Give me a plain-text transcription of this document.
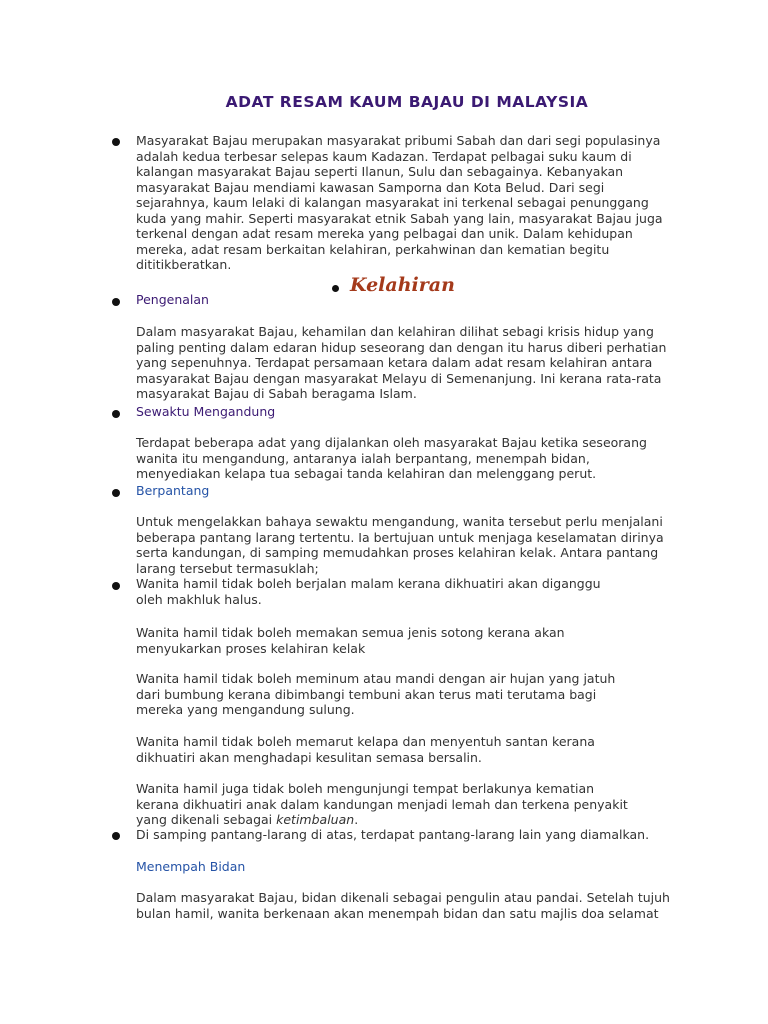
ADAT RESAM KAUM BAJAU DI MALAYSIA
Masyarakat Bajau merupakan masyarakat pribumi Sabah dan dari segi populasinya adalah kedua terbesar selepas kaum Kadazan. Terdapat pelbagai suku kaum di kalangan masyarakat Bajau seperti Ilanun, Sulu dan sebagainya. Kebanyakan masyarakat Bajau mendiami kawasan Samporna dan Kota Belud. Dari segi sejarahnya, kaum lelaki di kalangan masyarakat ini terkenal sebagai penunggang kuda yang mahir. Seperti masyarakat etnik Sabah yang lain, masyarakat Bajau juga terkenal dengan adat resam mereka yang pelbagai dan unik. Dalam kehidupan mereka, adat resam berkaitan kelahiran, perkahwinan dan kematian begitu dititikberatkan.
Kelahiran
Pengenalan
Dalam masyarakat Bajau, kehamilan dan kelahiran dilihat sebagi krisis hidup yang paling penting dalam edaran hidup seseorang dan dengan itu harus diberi perhatian yang sepenuhnya. Terdapat persamaan ketara dalam adat resam kelahiran antara masyarakat Bajau dengan masyarakat Melayu di Semenanjung. Ini kerana rata-rata masyarakat Bajau di Sabah beragama Islam.
Sewaktu Mengandung
Terdapat beberapa adat yang dijalankan oleh masyarakat Bajau ketika seseorang wanita itu mengandung, antaranya ialah berpantang, menempah bidan, menyediakan kelapa tua sebagai tanda kelahiran dan melenggang perut.
Berpantang
Untuk mengelakkan bahaya sewaktu mengandung, wanita tersebut perlu menjalani beberapa pantang larang tertentu. Ia bertujuan untuk menjaga keselamatan dirinya serta kandungan, di samping memudahkan proses kelahiran kelak. Antara pantang larang tersebut termasuklah;
Wanita hamil tidak boleh berjalan malam kerana dikhuatiri akan diganggu oleh makhluk halus.
Wanita hamil tidak boleh memakan semua jenis sotong kerana akan menyukarkan proses kelahiran kelak
Wanita hamil tidak boleh meminum atau mandi dengan air hujan yang jatuh dari bumbung kerana dibimbangi tembuni akan terus mati terutama bagi mereka yang mengandung sulung.
Wanita hamil tidak boleh memarut kelapa dan menyentuh santan kerana dikhuatiri akan menghadapi kesulitan semasa bersalin.
Wanita hamil juga tidak boleh mengunjungi tempat berlakunya kematian kerana dikhuatiri anak dalam kandungan menjadi lemah dan terkena penyakit yang dikenali sebagai ketimbaluan.
Di samping pantang-larang di atas, terdapat pantang-larang lain yang diamalkan.
Menempah Bidan
Dalam masyarakat Bajau, bidan dikenali sebagai pengulin atau pandai. Setelah tujuh bulan hamil, wanita berkenaan akan menempah bidan dan satu majlis doa selamat
